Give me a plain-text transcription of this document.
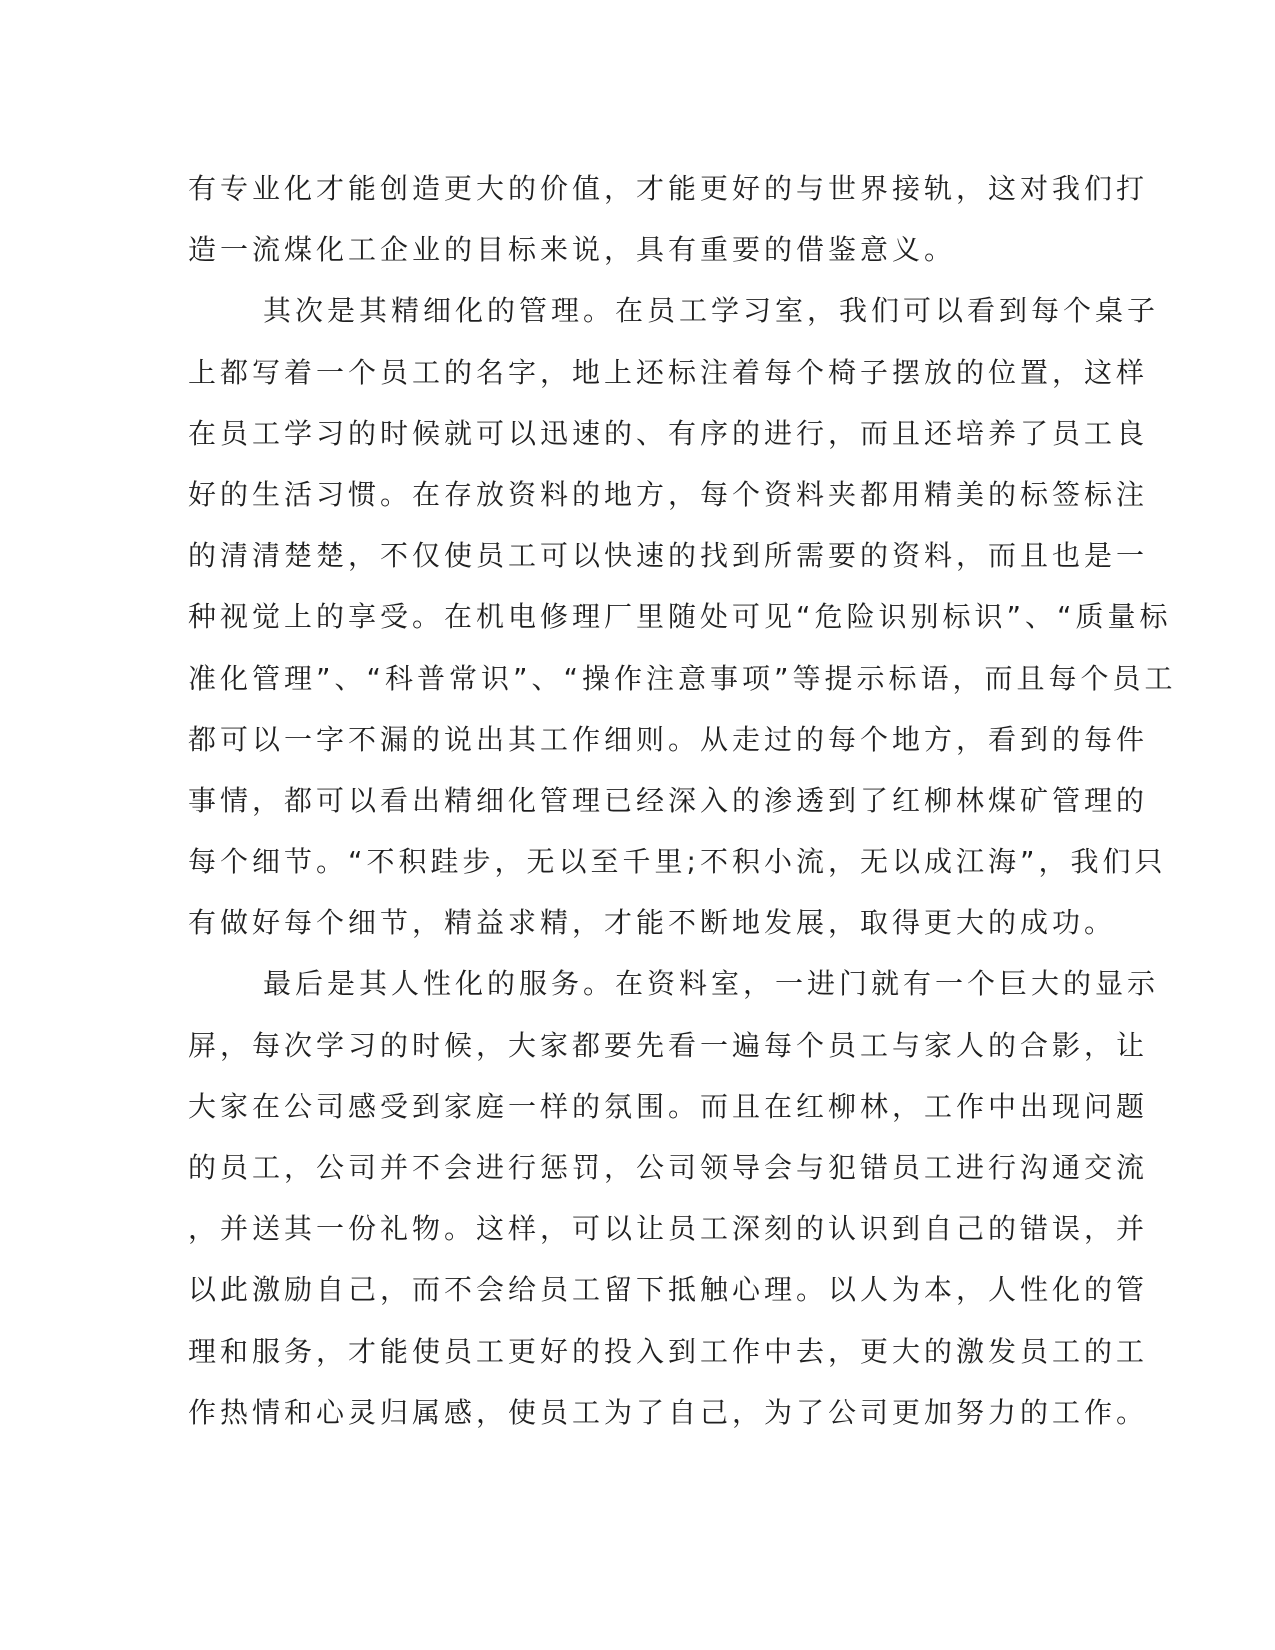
有专业化才能创造更大的价值，才能更好的与世界接轨，这对我们打
造一流煤化工企业的目标来说，具有重要的借鉴意义。
其次是其精细化的管理。在员工学习室，我们可以看到每个桌子
上都写着一个员工的名字，地上还标注着每个椅子摆放的位置，这样
在员工学习的时候就可以迅速的、有序的进行，而且还培养了员工良
好的生活习惯。在存放资料的地方，每个资料夹都用精美的标签标注
的清清楚楚，不仅使员工可以快速的找到所需要的资料，而且也是一
种视觉上的享受。在机电修理厂里随处可见“危险识别标识”、“质量标
准化管理”、“科普常识”、“操作注意事项”等提示标语，而且每个员工
都可以一字不漏的说出其工作细则。从走过的每个地方，看到的每件
事情，都可以看出精细化管理已经深入的渗透到了红柳林煤矿管理的
每个细节。“不积跬步，无以至千里;不积小流，无以成江海”，我们只
有做好每个细节，精益求精，才能不断地发展，取得更大的成功。
最后是其人性化的服务。在资料室，一进门就有一个巨大的显示
屏，每次学习的时候，大家都要先看一遍每个员工与家人的合影，让
大家在公司感受到家庭一样的氛围。而且在红柳林，工作中出现问题
的员工，公司并不会进行惩罚，公司领导会与犯错员工进行沟通交流
，并送其一份礼物。这样，可以让员工深刻的认识到自己的错误，并
以此激励自己，而不会给员工留下抵触心理。以人为本，人性化的管
理和服务，才能使员工更好的投入到工作中去，更大的激发员工的工
作热情和心灵归属感，使员工为了自己，为了公司更加努力的工作。
